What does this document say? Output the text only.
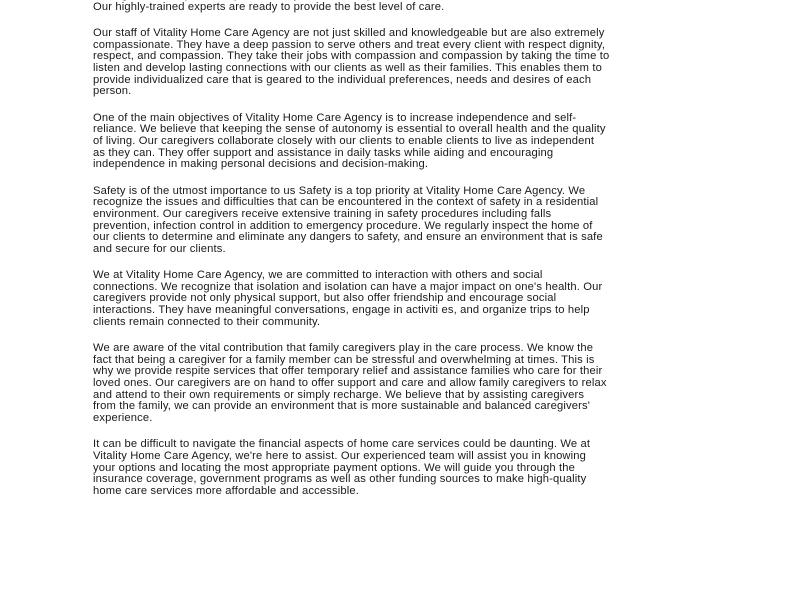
Our highly-trained experts are ready to provide the best level of care.

Our staff of Vitality Home Care Agency are not just skilled and knowledgeable but are also extremely
compassionate. They have a deep passion to serve others and treat every client with respect dignity,
respect, and compassion. They take their jobs with compassion and compassion by taking the time to
listen and develop lasting connections with our clients as well as their families. This enables them to
provide individualized care that is geared to the individual preferences, needs and desires of each
person.

One of the main objectives of Vitality Home Care Agency is to increase independence and self-
reliance. We believe that keeping the sense of autonomy is essential to overall health and the quality
of living. Our caregivers collaborate closely with our clients to enable clients to live as independent
as they can. They offer support and assistance in daily tasks while aiding and encouraging
independence in making personal decisions and decision-making.

Safety is of the utmost importance to us Safety is a top priority at Vitality Home Care Agency. We
recognize the issues and difficulties that can be encountered in the context of safety in a residential
environment. Our caregivers receive extensive training in safety procedures including falls
prevention, infection control in addition to emergency procedure. We regularly inspect the home of
our clients to determine and eliminate any dangers to safety, and ensure an environment that is safe
and secure for our clients.

We at Vitality Home Care Agency, we are committed to interaction with others and social
connections. We recognize that isolation and isolation can have a major impact on one's health. Our
caregivers provide not only physical support, but also offer friendship and encourage social
interactions. They have meaningful conversations, engage in activiti es, and organize trips to help
clients remain connected to their community.

We are aware of the vital contribution that family caregivers play in the care process. We know the
fact that being a caregiver for a family member can be stressful and overwhelming at times. This is
why we provide respite services that offer temporary relief and assistance families who care for their
loved ones. Our caregivers are on hand to offer support and care and allow family caregivers to relax
and attend to their own requirements or simply recharge. We believe that by assisting caregivers
from the family, we can provide an environment that is more sustainable and balanced caregivers'
experience.

It can be difficult to navigate the financial aspects of home care services could be daunting. We at
Vitality Home Care Agency, we're here to assist. Our experienced team will assist you in knowing
your options and locating the most appropriate payment options. We will guide you through the
insurance coverage, government programs as well as other funding sources to make high-quality
home care services more affordable and accessible.
